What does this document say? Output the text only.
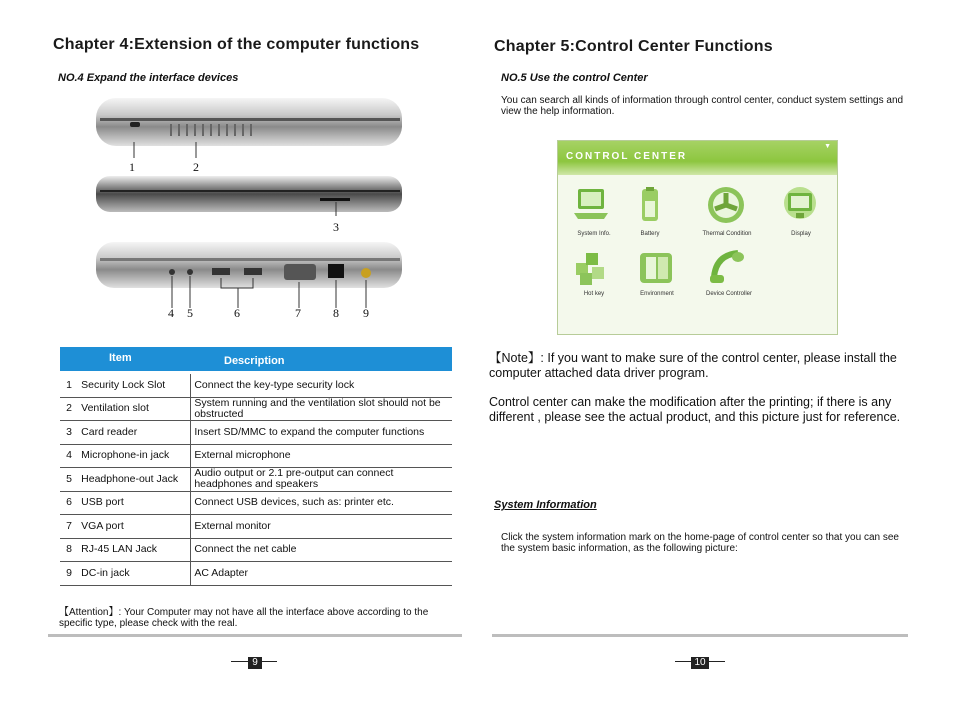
Chapter 4:Extension of the computer functions
NO.4 Expand the interface devices
1	2
3
4 5	6	7	8 9
Item	Description
1	Security Lock Slot	Connect the key-type security lock
2	Ventilation slot	System running and the ventilation slot should not be obstructed
3	Card reader	Insert SD/MMC to expand the computer functions
4	Microphone-in jack	External microphone
5	Headphone-out Jack	Audio output or 2.1 pre-output can connect headphones and speakers
6	USB port	Connect USB devices, such as: printer etc.
7	VGA port	External monitor
8	RJ-45 LAN Jack	Connect the net cable
9	DC-in jack	AC Adapter
【Attention】: Your Computer may not have all the interface above according to the specific type, please check with the real.
9
Chapter 5:Control Center Functions
NO.5 Use the control Center
You can search all kinds of information through control center, conduct system settings and view the help information.
CONTROL CENTER
▼
System Info.	Battery	Thermal Condition	Display
Hot key	Environment	Device Controller
【Note】: If you want to make sure of the control center, please install the computer attached data driver program.
Control center can make the modification after the printing; if there is any different , please see the actual product, and this picture just for reference.
System Information
Click the system information mark on the home-page of control center so that you can see the system basic information, as the following picture:
10
